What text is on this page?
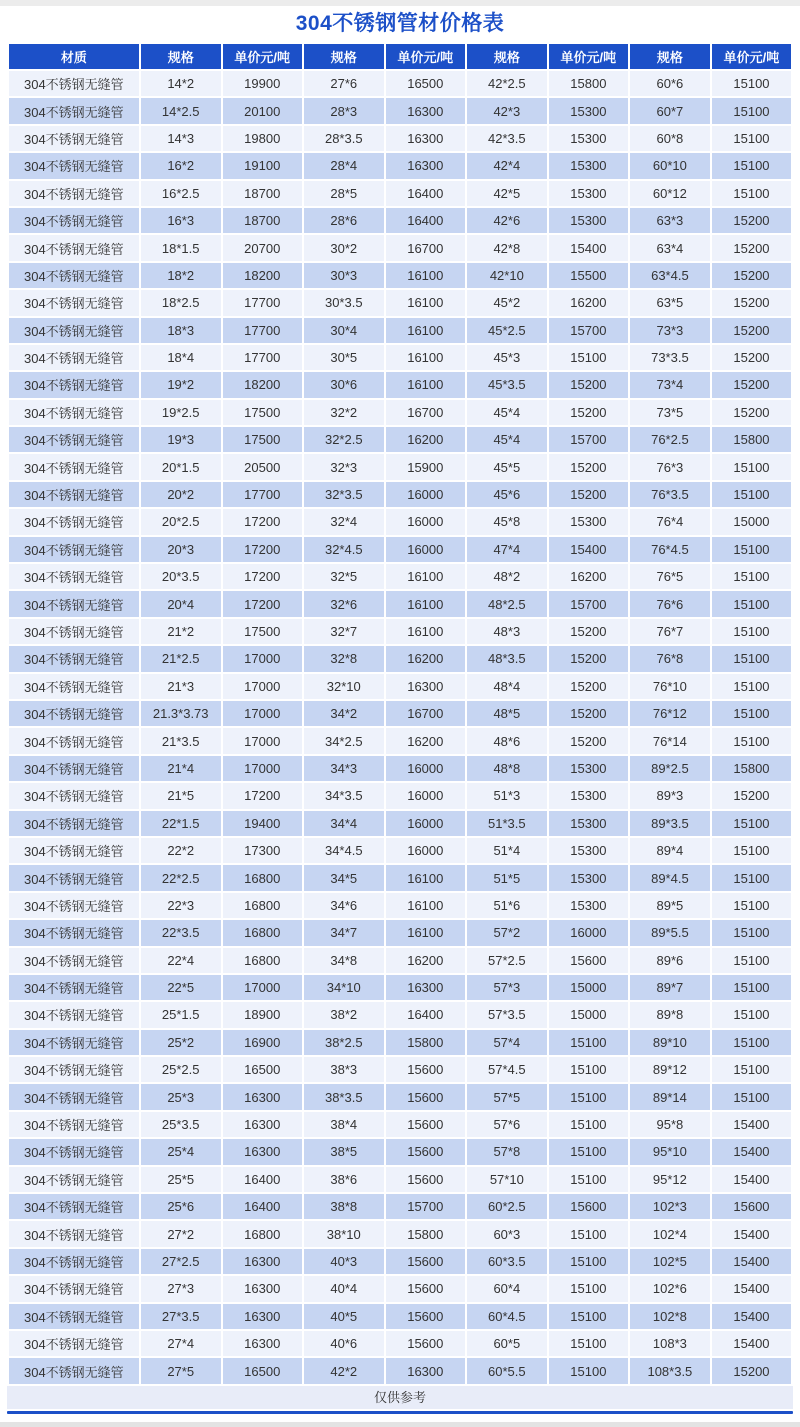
304不锈钢管材价格表
材质	规格	单价元/吨	规格	单价元/吨	规格	单价元/吨	规格	单价元/吨
304不锈钢无缝管	14*2	19900	27*6	16500	42*2.5	15800	60*6	15100
304不锈钢无缝管	14*2.5	20100	28*3	16300	42*3	15300	60*7	15100
304不锈钢无缝管	14*3	19800	28*3.5	16300	42*3.5	15300	60*8	15100
304不锈钢无缝管	16*2	19100	28*4	16300	42*4	15300	60*10	15100
304不锈钢无缝管	16*2.5	18700	28*5	16400	42*5	15300	60*12	15100
304不锈钢无缝管	16*3	18700	28*6	16400	42*6	15300	63*3	15200
304不锈钢无缝管	18*1.5	20700	30*2	16700	42*8	15400	63*4	15200
304不锈钢无缝管	18*2	18200	30*3	16100	42*10	15500	63*4.5	15200
304不锈钢无缝管	18*2.5	17700	30*3.5	16100	45*2	16200	63*5	15200
304不锈钢无缝管	18*3	17700	30*4	16100	45*2.5	15700	73*3	15200
304不锈钢无缝管	18*4	17700	30*5	16100	45*3	15100	73*3.5	15200
304不锈钢无缝管	19*2	18200	30*6	16100	45*3.5	15200	73*4	15200
304不锈钢无缝管	19*2.5	17500	32*2	16700	45*4	15200	73*5	15200
304不锈钢无缝管	19*3	17500	32*2.5	16200	45*4	15700	76*2.5	15800
304不锈钢无缝管	20*1.5	20500	32*3	15900	45*5	15200	76*3	15100
304不锈钢无缝管	20*2	17700	32*3.5	16000	45*6	15200	76*3.5	15100
304不锈钢无缝管	20*2.5	17200	32*4	16000	45*8	15300	76*4	15000
304不锈钢无缝管	20*3	17200	32*4.5	16000	47*4	15400	76*4.5	15100
304不锈钢无缝管	20*3.5	17200	32*5	16100	48*2	16200	76*5	15100
304不锈钢无缝管	20*4	17200	32*6	16100	48*2.5	15700	76*6	15100
304不锈钢无缝管	21*2	17500	32*7	16100	48*3	15200	76*7	15100
304不锈钢无缝管	21*2.5	17000	32*8	16200	48*3.5	15200	76*8	15100
304不锈钢无缝管	21*3	17000	32*10	16300	48*4	15200	76*10	15100
304不锈钢无缝管	21.3*3.73	17000	34*2	16700	48*5	15200	76*12	15100
304不锈钢无缝管	21*3.5	17000	34*2.5	16200	48*6	15200	76*14	15100
304不锈钢无缝管	21*4	17000	34*3	16000	48*8	15300	89*2.5	15800
304不锈钢无缝管	21*5	17200	34*3.5	16000	51*3	15300	89*3	15200
304不锈钢无缝管	22*1.5	19400	34*4	16000	51*3.5	15300	89*3.5	15100
304不锈钢无缝管	22*2	17300	34*4.5	16000	51*4	15300	89*4	15100
304不锈钢无缝管	22*2.5	16800	34*5	16100	51*5	15300	89*4.5	15100
304不锈钢无缝管	22*3	16800	34*6	16100	51*6	15300	89*5	15100
304不锈钢无缝管	22*3.5	16800	34*7	16100	57*2	16000	89*5.5	15100
304不锈钢无缝管	22*4	16800	34*8	16200	57*2.5	15600	89*6	15100
304不锈钢无缝管	22*5	17000	34*10	16300	57*3	15000	89*7	15100
304不锈钢无缝管	25*1.5	18900	38*2	16400	57*3.5	15000	89*8	15100
304不锈钢无缝管	25*2	16900	38*2.5	15800	57*4	15100	89*10	15100
304不锈钢无缝管	25*2.5	16500	38*3	15600	57*4.5	15100	89*12	15100
304不锈钢无缝管	25*3	16300	38*3.5	15600	57*5	15100	89*14	15100
304不锈钢无缝管	25*3.5	16300	38*4	15600	57*6	15100	95*8	15400
304不锈钢无缝管	25*4	16300	38*5	15600	57*8	15100	95*10	15400
304不锈钢无缝管	25*5	16400	38*6	15600	57*10	15100	95*12	15400
304不锈钢无缝管	25*6	16400	38*8	15700	60*2.5	15600	102*3	15600
304不锈钢无缝管	27*2	16800	38*10	15800	60*3	15100	102*4	15400
304不锈钢无缝管	27*2.5	16300	40*3	15600	60*3.5	15100	102*5	15400
304不锈钢无缝管	27*3	16300	40*4	15600	60*4	15100	102*6	15400
304不锈钢无缝管	27*3.5	16300	40*5	15600	60*4.5	15100	102*8	15400
304不锈钢无缝管	27*4	16300	40*6	15600	60*5	15100	108*3	15400
304不锈钢无缝管	27*5	16500	42*2	16300	60*5.5	15100	108*3.5	15200
仅供参考
